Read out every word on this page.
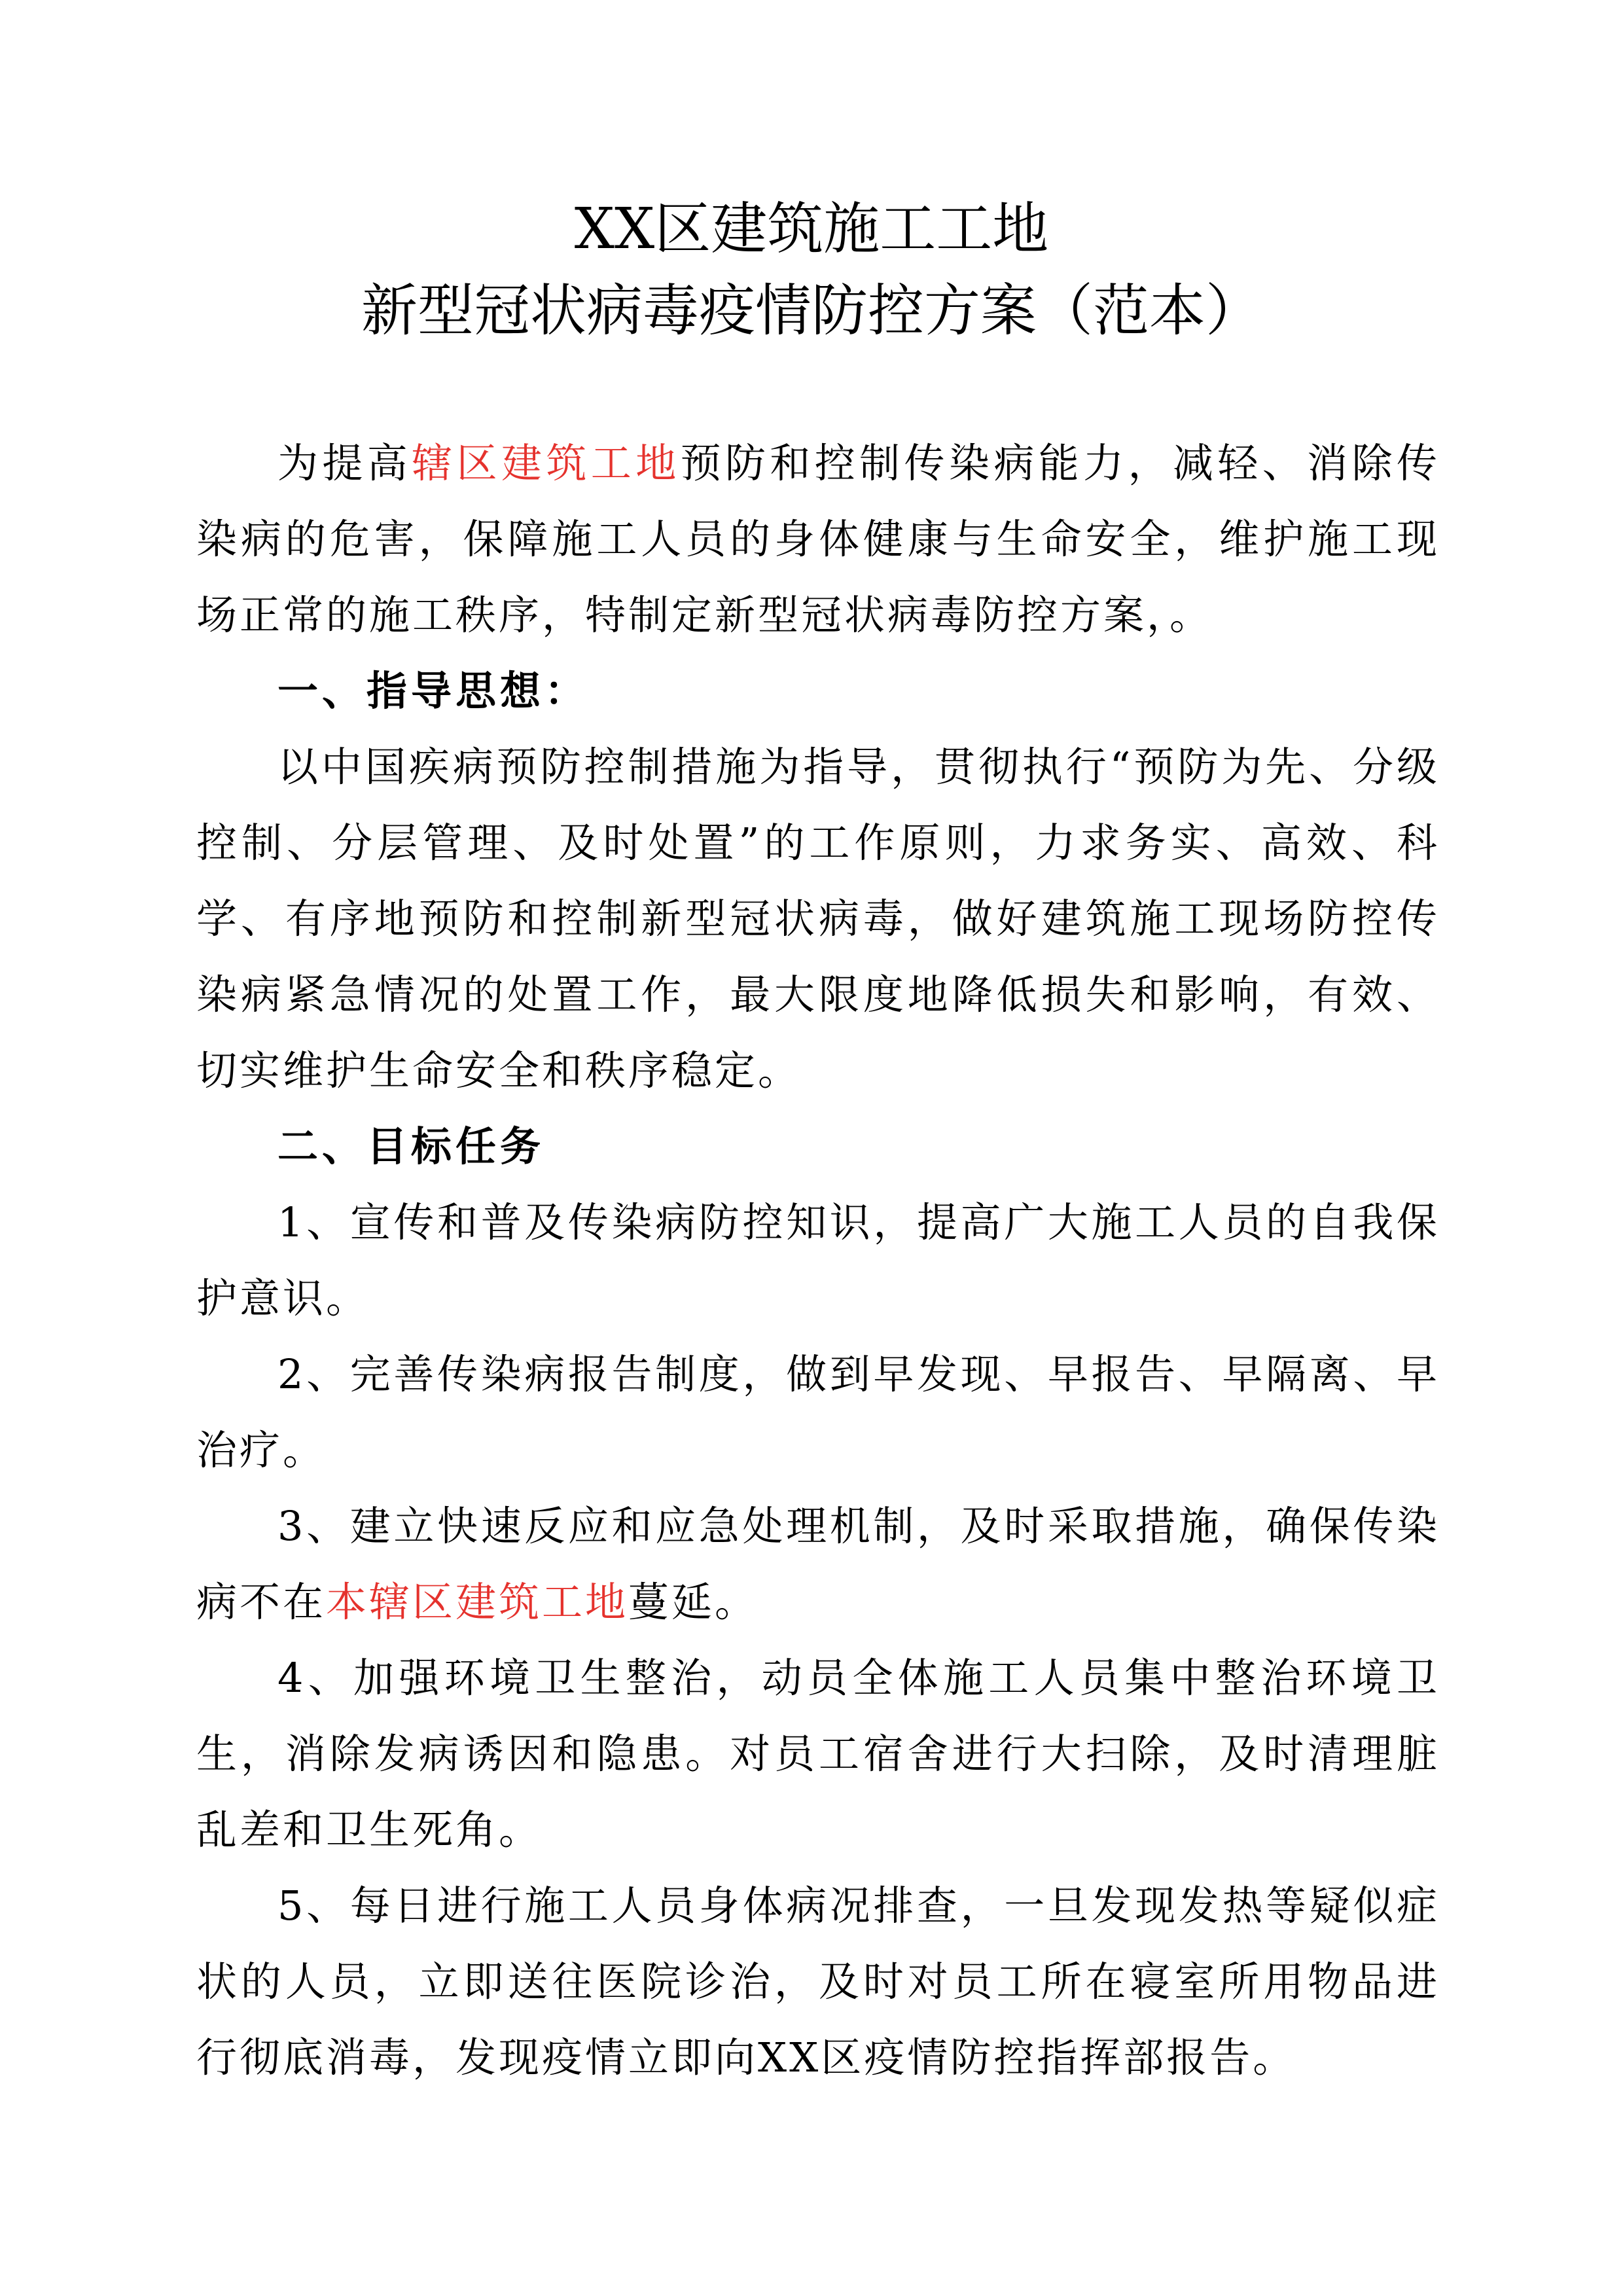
XX区建筑施工工地
新型冠状病毒疫情防控方案（范本）

为提高辖区建筑工地预防和控制传染病能力，减轻、消除传染病的危害，保障施工人员的身体健康与生命安全，维护施工现场正常的施工秩序，特制定新型冠状病毒防控方案，。

一、指导思想：

以中国疾病预防控制措施为指导，贯彻执行“预防为先、分级控制、分层管理、及时处置”的工作原则，力求务实、高效、科学、有序地预防和控制新型冠状病毒，做好建筑施工现场防控传染病紧急情况的处置工作，最大限度地降低损失和影响，有效、切实维护生命安全和秩序稳定。

二、目标任务

1、宣传和普及传染病防控知识，提高广大施工人员的自我保护意识。

2、完善传染病报告制度，做到早发现、早报告、早隔离、早治疗。

3、建立快速反应和应急处理机制，及时采取措施，确保传染病不在本辖区建筑工地蔓延。

4、加强环境卫生整治，动员全体施工人员集中整治环境卫生，消除发病诱因和隐患。对员工宿舍进行大扫除，及时清理脏乱差和卫生死角。

5、每日进行施工人员身体病况排查，一旦发现发热等疑似症状的人员，立即送往医院诊治，及时对员工所在寝室所用物品进行彻底消毒，发现疫情立即向XX区疫情防控指挥部报告。
